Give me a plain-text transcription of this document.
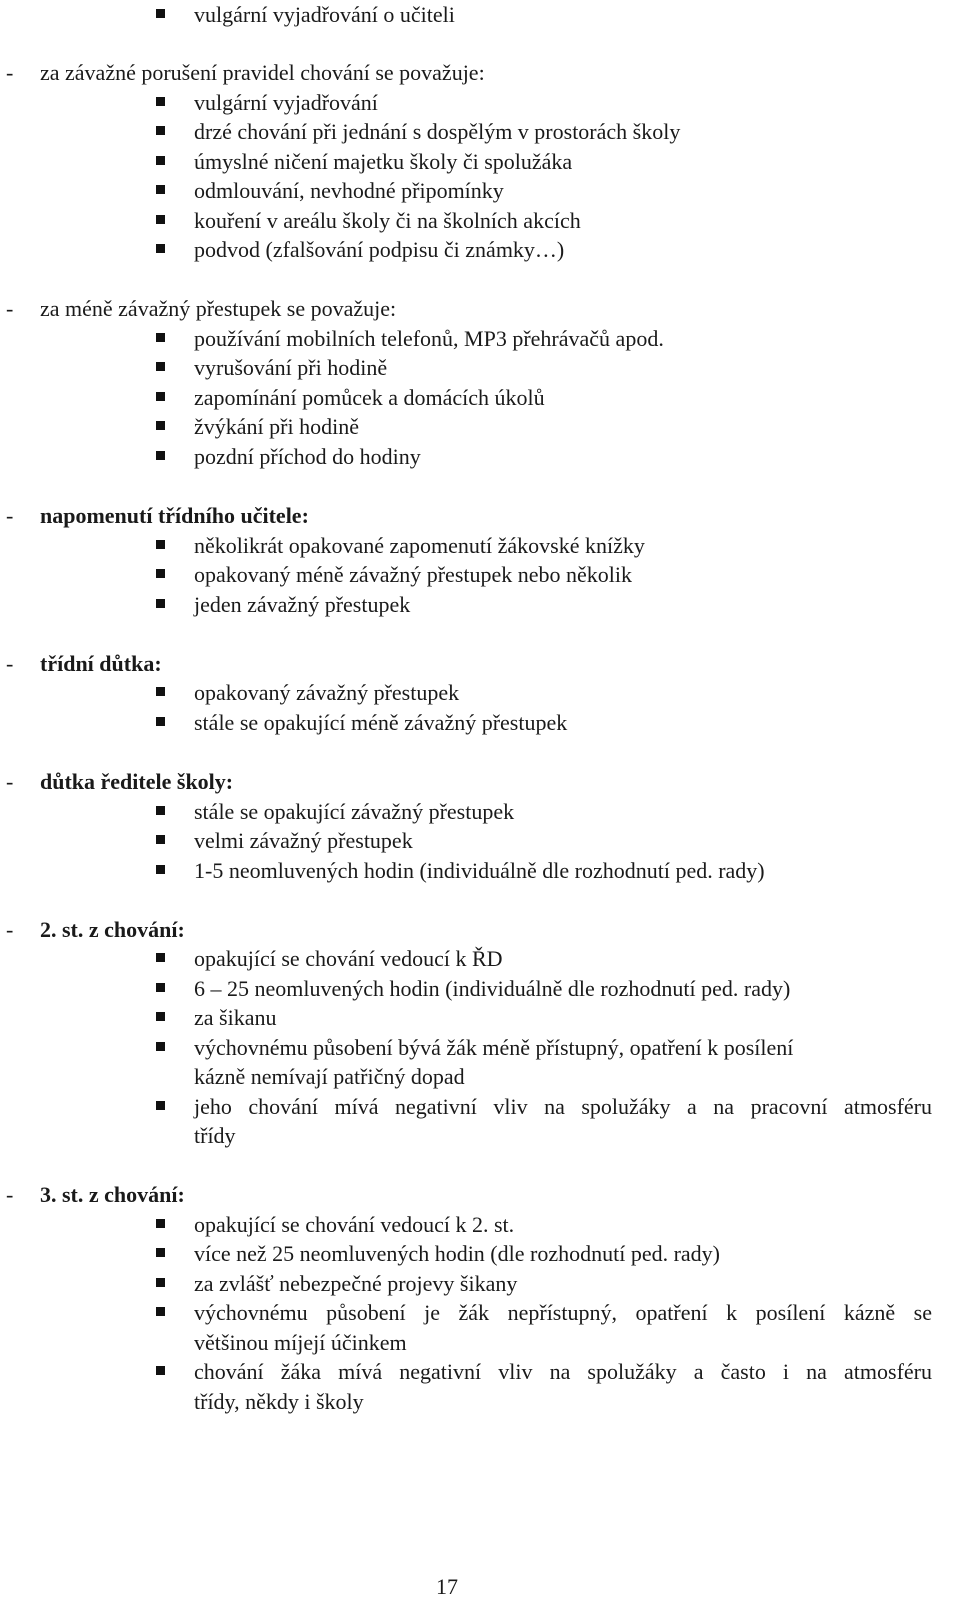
vulgární vyjadřování o učiteli
- za závažné porušení pravidel chování se považuje:
vulgární vyjadřování
drzé chování při jednání s dospělým v prostorách školy
úmyslné ničení majetku školy či spolužáka
odmlouvání, nevhodné připomínky
kouření v areálu školy či na školních akcích
podvod (zfalšování podpisu či známky…)
- za méně závažný přestupek se považuje:
používání mobilních telefonů, MP3 přehrávačů apod.
vyrušování při hodině
zapomínání pomůcek a domácích úkolů
žvýkání při hodině
pozdní příchod do hodiny
- napomenutí třídního učitele:
několikrát opakované zapomenutí žákovské knížky
opakovaný méně závažný přestupek nebo několik
jeden závažný přestupek
- třídní důtka:
opakovaný závažný přestupek
stále se opakující méně závažný přestupek
- důtka ředitele školy:
stále se opakující závažný přestupek
velmi závažný přestupek
1-5 neomluvených hodin (individuálně dle rozhodnutí ped. rady)
- 2. st. z chování:
opakující se chování vedoucí k ŘD
6 – 25 neomluvených hodin (individuálně dle rozhodnutí ped. rady)
za šikanu
výchovnému působení bývá žák méně přístupný, opatření k posílení
kázně nemívají patřičný dopad
jeho chování mívá negativní vliv na spolužáky a na pracovní atmosféru
třídy
- 3. st. z chování:
opakující se chování vedoucí k 2. st.
více než 25 neomluvených hodin (dle rozhodnutí ped. rady)
za zvlášť nebezpečné projevy šikany
výchovnému působení je žák nepřístupný, opatření k posílení kázně se
většinou míjejí účinkem
chování žáka mívá negativní vliv na spolužáky a často i na atmosféru
třídy, někdy i školy
17
